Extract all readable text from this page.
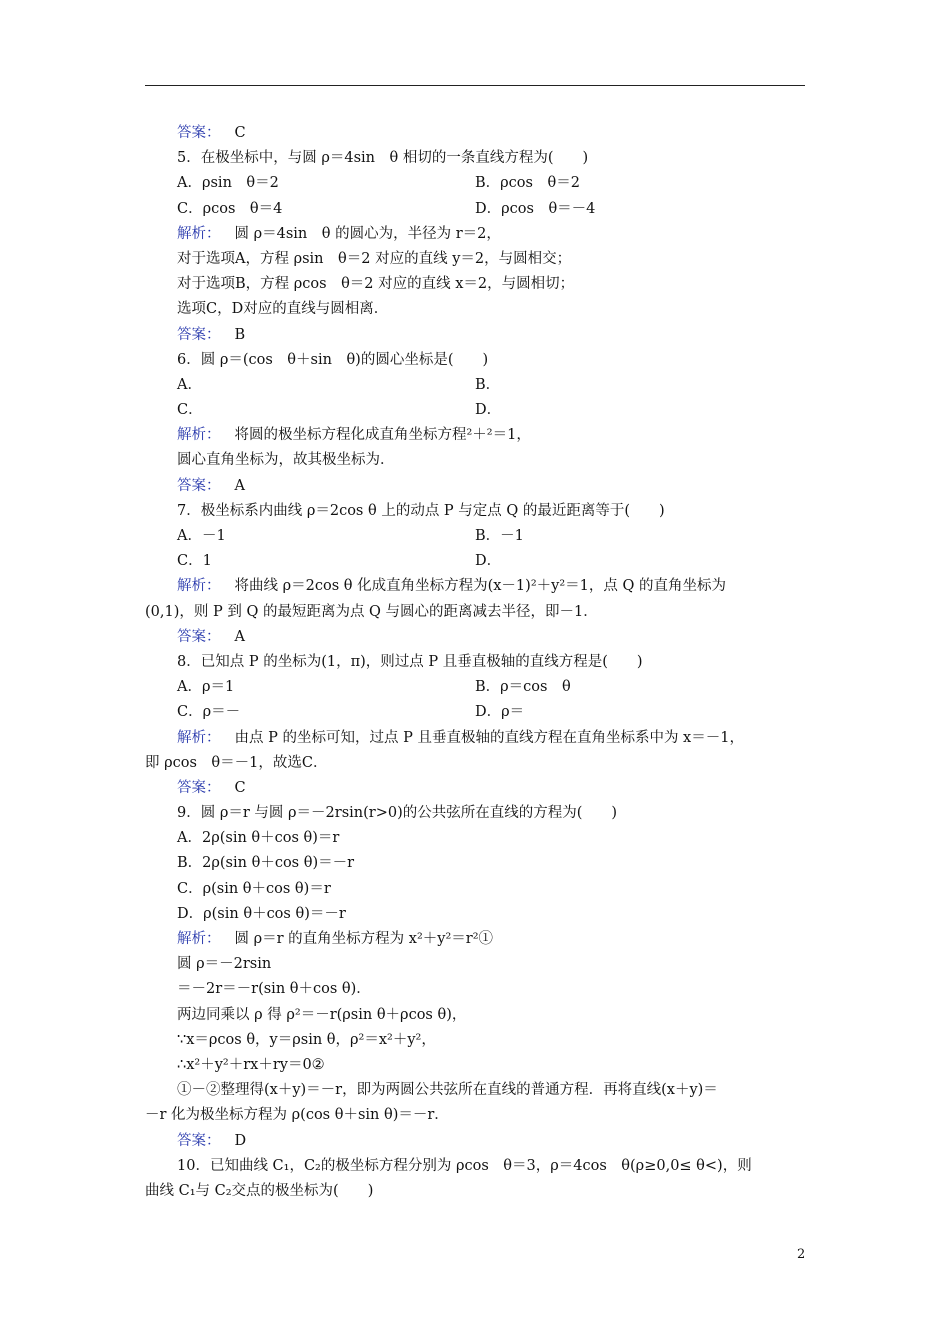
答案： C
5．在极坐标中，与圆 ρ＝4sin　θ 相切的一条直线方程为(　　)
A．ρsin　θ＝2	B．ρcos　θ＝2
C．ρcos　θ＝4	D．ρcos　θ＝－4
解析： 圆 ρ＝4sin　θ 的圆心为，半径为 r＝2，
对于选项A，方程 ρsin　θ＝2 对应的直线 y＝2，与圆相交；
对于选项B，方程 ρcos　θ＝2 对应的直线 x＝2，与圆相切；
选项C，D对应的直线与圆相离．
答案： B
6．圆 ρ＝(cos　θ＋sin　θ)的圆心坐标是(　　)
A．	B．
C．	D．
解析： 将圆的极坐标方程化成直角坐标方程²＋²＝1，
圆心直角坐标为，故其极坐标为．
答案： A
7．极坐标系内曲线 ρ＝2cos θ 上的动点 P 与定点 Q 的最近距离等于(　　)
A．－1	B．－1
C．1	D．
解析： 将曲线 ρ＝2cos θ 化成直角坐标方程为(x－1)²＋y²＝1，点 Q 的直角坐标为
(0,1)，则 P 到 Q 的最短距离为点 Q 与圆心的距离减去半径，即－1．
答案： A
8．已知点 P 的坐标为(1，π)，则过点 P 且垂直极轴的直线方程是(　　)
A．ρ＝1	B．ρ＝cos　θ
C．ρ＝－	D．ρ＝
解析： 由点 P 的坐标可知，过点 P 且垂直极轴的直线方程在直角坐标系中为 x＝－1，
即 ρcos　θ＝－1，故选C．
答案： C
9．圆 ρ＝r 与圆 ρ＝－2rsin(r>0)的公共弦所在直线的方程为(　　)
A．2ρ(sin θ＋cos θ)＝r
B．2ρ(sin θ＋cos θ)＝－r
C．ρ(sin θ＋cos θ)＝r
D．ρ(sin θ＋cos θ)＝－r
解析： 圆 ρ＝r 的直角坐标方程为 x²＋y²＝r²①
圆 ρ＝－2rsin
＝－2r＝－r(sin θ＋cos θ)．
两边同乘以 ρ 得 ρ²＝－r(ρsin θ＋ρcos θ)，
∵x＝ρcos θ，y＝ρsin θ，ρ²＝x²＋y²，
∴x²＋y²＋rx＋ry＝0②
①－②整理得(x＋y)＝－r，即为两圆公共弦所在直线的普通方程．再将直线(x＋y)＝
－r 化为极坐标方程为 ρ(cos θ＋sin θ)＝－r．
答案： D
10．已知曲线 C₁，C₂的极坐标方程分别为 ρcos　θ＝3，ρ＝4cos　θ(ρ≥0,0≤ θ<)，则
曲线 C₁与 C₂交点的极坐标为(　　)
2
